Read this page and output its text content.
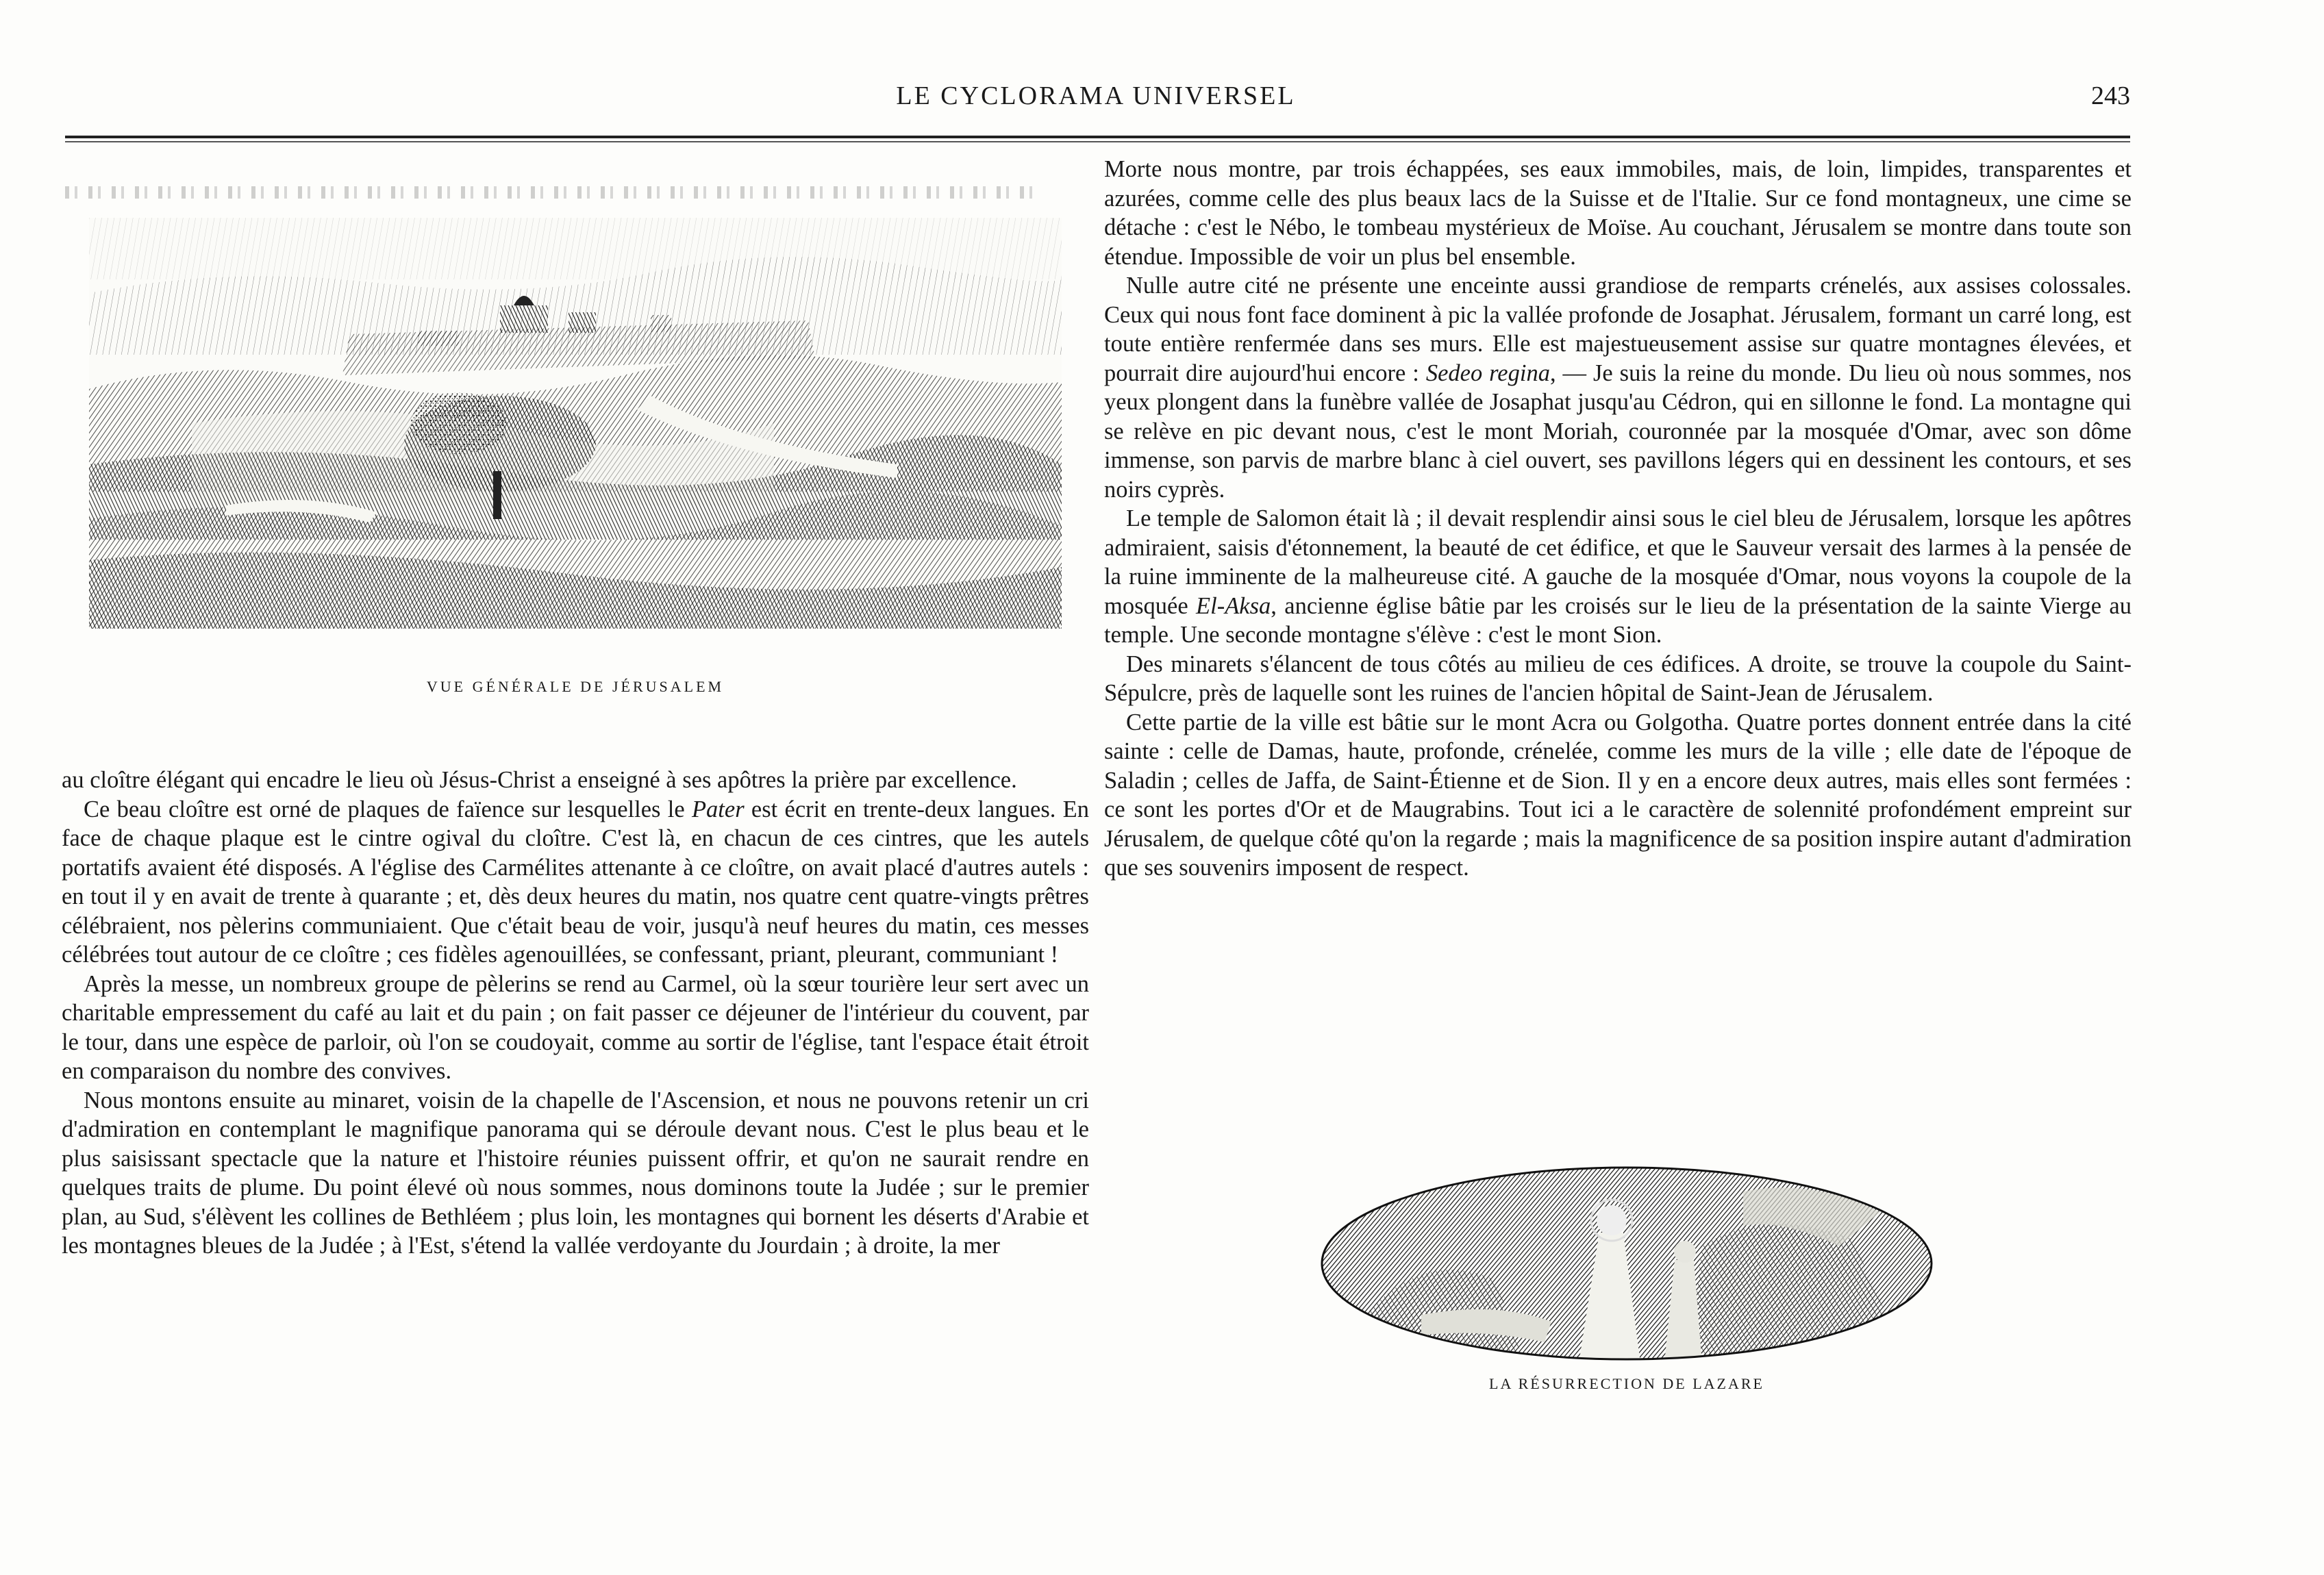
LE CYCLORAMA UNIVERSEL	243
VUE GÉNÉRALE DE JÉRUSALEM

au cloître élégant qui encadre le lieu où Jésus-Christ a enseigné à ses apôtres la prière par excellence.

Ce beau cloître est orné de plaques de faïence sur lesquelles le Pater est écrit en trente-deux langues. En face de chaque plaque est le cintre ogival du cloître. C'est là, en chacun de ces cintres, que les autels portatifs avaient été disposés. A l'église des Carmélites attenante à ce cloître, on avait placé d'autres autels : en tout il y en avait de trente à quarante ; et, dès deux heures du matin, nos quatre cent quatre-vingts prêtres célébraient, nos pèlerins communiaient. Que c'était beau de voir, jusqu'à neuf heures du matin, ces messes célébrées tout autour de ce cloître ; ces fidèles agenouillées, se confessant, priant, pleurant, communiant !

Après la messe, un nombreux groupe de pèlerins se rend au Carmel, où la sœur tourière leur sert avec un charitable empressement du café au lait et du pain ; on fait passer ce déjeuner de l'intérieur du couvent, par le tour, dans une espèce de parloir, où l'on se coudoyait, comme au sortir de l'église, tant l'espace était étroit en comparaison du nombre des convives.

Nous montons ensuite au minaret, voisin de la chapelle de l'Ascension, et nous ne pouvons retenir un cri d'admiration en contemplant le magnifique panorama qui se déroule devant nous. C'est le plus beau et le plus saisissant spectacle que la nature et l'histoire réunies puissent offrir, et qu'on ne saurait rendre en quelques traits de plume. Du point élevé où nous sommes, nous dominons toute la Judée ; sur le premier plan, au Sud, s'élèvent les collines de Bethléem ; plus loin, les montagnes qui bornent les déserts d'Arabie et les montagnes bleues de la Judée ; à l'Est, s'étend la vallée verdoyante du Jourdain ; à droite, la mer

Morte nous montre, par trois échappées, ses eaux immobiles, mais, de loin, limpides, transparentes et azurées, comme celle des plus beaux lacs de la Suisse et de l'Italie. Sur ce fond montagneux, une cime se détache : c'est le Nébo, le tombeau mystérieux de Moïse. Au couchant, Jérusalem se montre dans toute son étendue. Impossible de voir un plus bel ensemble.

Nulle autre cité ne présente une enceinte aussi grandiose de remparts crénelés, aux assises colossales. Ceux qui nous font face dominent à pic la vallée profonde de Josaphat. Jérusalem, formant un carré long, est toute entière renfermée dans ses murs. Elle est majestueusement assise sur quatre montagnes élevées, et pourrait dire aujourd'hui encore : Sedeo regina, — Je suis la reine du monde. Du lieu où nous sommes, nos yeux plongent dans la funèbre vallée de Josaphat jusqu'au Cédron, qui en sillonne le fond. La montagne qui se relève en pic devant nous, c'est le mont Moriah, couronnée par la mosquée d'Omar, avec son dôme immense, son parvis de marbre blanc à ciel ouvert, ses pavillons légers qui en dessinent les contours, et ses noirs cyprès.

Le temple de Salomon était là ; il devait resplendir ainsi sous le ciel bleu de Jérusalem, lorsque les apôtres admiraient, saisis d'étonnement, la beauté de cet édifice, et que le Sauveur versait des larmes à la pensée de la ruine imminente de la malheureuse cité. A gauche de la mosquée d'Omar, nous voyons la coupole de la mosquée El-Aksa, ancienne église bâtie par les croisés sur le lieu de la présentation de la sainte Vierge au temple. Une seconde montagne s'élève : c'est le mont Sion.

Des minarets s'élancent de tous côtés au milieu de ces édifices. A droite, se trouve la coupole du Saint-Sépulcre, près de laquelle sont les ruines de l'ancien hôpital de Saint-Jean de Jérusalem.

Cette partie de la ville est bâtie sur le mont Acra ou Golgotha. Quatre portes donnent entrée dans la cité sainte : celle de Damas, haute, profonde, crénelée, comme les murs de la ville ; elle date de l'époque de Saladin ; celles de Jaffa, de Saint-Étienne et de Sion. Il y en a encore deux autres, mais elles sont fermées : ce sont les portes d'Or et de Maugrabins. Tout ici a le caractère de solennité profondément empreint sur Jérusalem, de quelque côté qu'on la regarde ; mais la magnificence de sa position inspire autant d'admiration que ses souvenirs imposent de respect.

LA RÉSURRECTION DE LAZARE
